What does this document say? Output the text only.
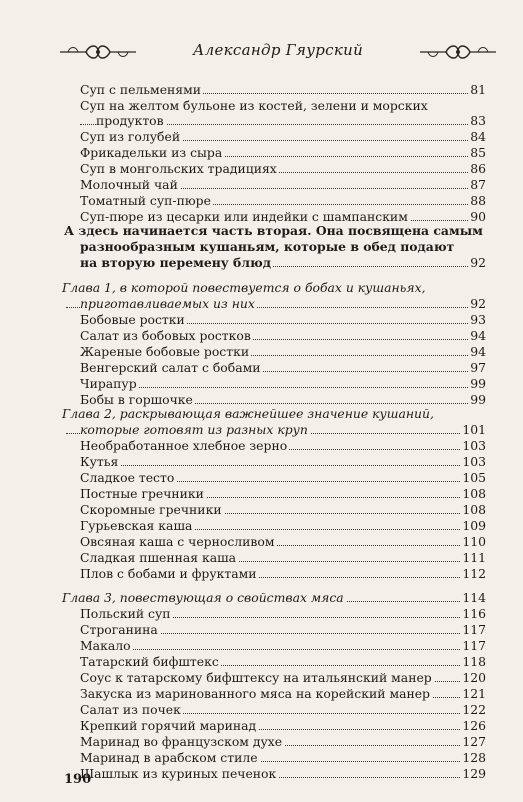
Александр Гяурский
Суп с пельменями	81
Суп на желтом бульоне из костей, зелени и морских
продуктов	83
Суп из голубей	84
Фрикадельки из сыра	85
Суп в монгольских традициях	86
Молочный чай	87
Томатный суп-пюре	88
Суп-пюре из цесарки или индейки с шампанским	90
А здесь начинается часть вторая. Она посвящена самым
разнообразным кушаньям, которые в обед подают
на вторую перемену блюд	92
Глава 1, в которой повествуется о бобах и кушаньях,
приготавливаемых из них	92
Бобовые ростки	93
Салат из бобовых ростков	94
Жареные бобовые ростки	94
Венгерский салат с бобами	97
Чирапур	99
Бобы в горшочке	99
Глава 2, раскрывающая важнейшее значение кушаний,
которые готовят из разных круп	101
Необработанное хлебное зерно	103
Кутья	103
Сладкое тесто	105
Постные гречники	108
Скоромные гречники	108
Гурьевская каша	109
Овсяная каша с черносливом	110
Сладкая пшенная каша	111
Плов с бобами и фруктами	112
Глава 3, повествующая о свойствах мяса	114
Польский суп	116
Строганина	117
Макало	117
Татарский бифштекс	118
Соус к татарскому бифштексу на итальянский манер 120
Закуска из маринованного мяса на корейский манер	121
Салат из почек	122
Крепкий горячий маринад	126
Маринад во французском духе	127
Маринад в арабском стиле	128
Шашлык из куриных печенок	129
190
